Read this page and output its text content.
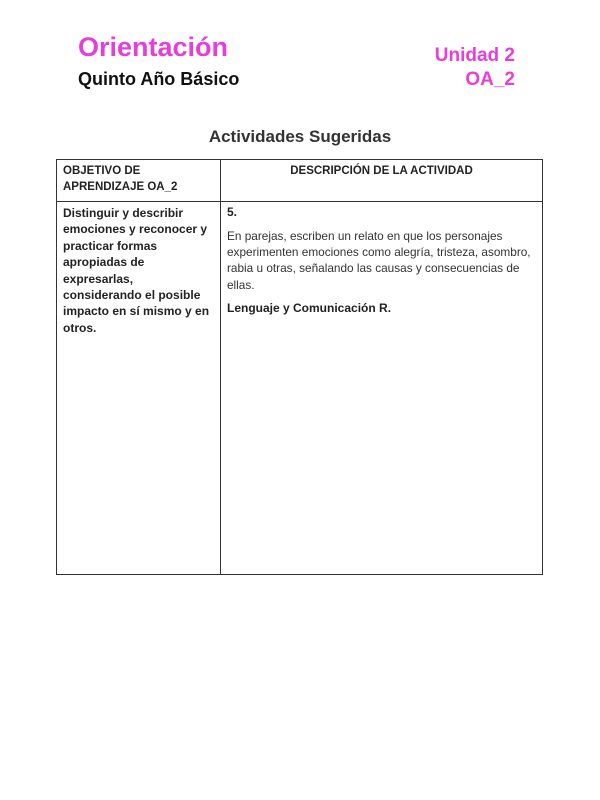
Orientación
Quinto Año Básico
Unidad 2
OA_2
Actividades Sugeridas
OBJETIVO DE APRENDIZAJE OA_2	DESCRIPCIÓN DE LA ACTIVIDAD
Distinguir y describir emociones y reconocer y practicar formas apropiadas de expresarlas, considerando el posible impacto en sí mismo y en otros.	5.

En parejas, escriben un relato en que los personajes experimenten emociones como alegría, tristeza, asombro, rabia u otras, señalando las causas y consecuencias de ellas.

Lenguaje y Comunicación R.
